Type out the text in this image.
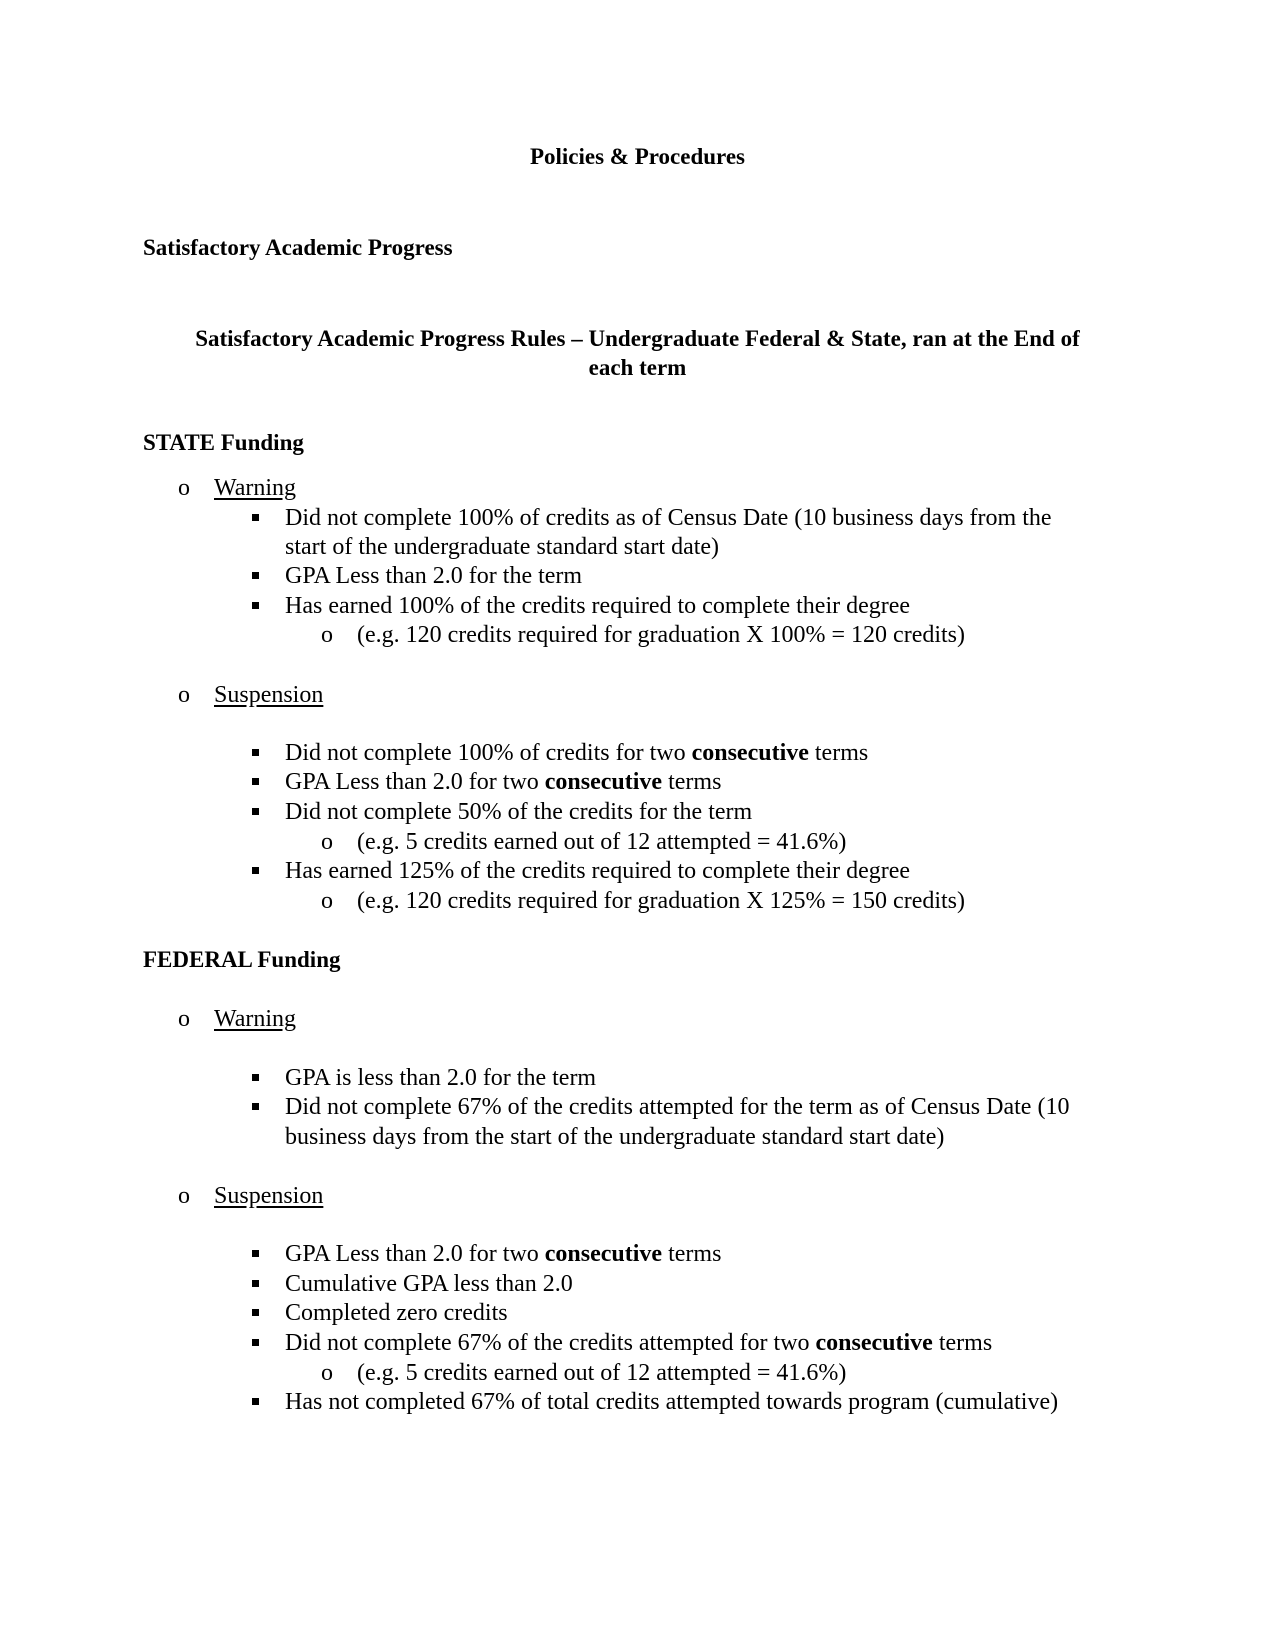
Policies & Procedures
Satisfactory Academic Progress
Satisfactory Academic Progress Rules – Undergraduate Federal & State, ran at the End of
each term
STATE Funding
o Warning
Did not complete 100% of credits as of Census Date (10 business days from the
start of the undergraduate standard start date)
GPA Less than 2.0 for the term
Has earned 100% of the credits required to complete their degree
o (e.g. 120 credits required for graduation X 100% = 120 credits)
o Suspension
Did not complete 100% of credits for two consecutive terms
GPA Less than 2.0 for two consecutive terms
Did not complete 50% of the credits for the term
o (e.g. 5 credits earned out of 12 attempted = 41.6%)
Has earned 125% of the credits required to complete their degree
o (e.g. 120 credits required for graduation X 125% = 150 credits)
FEDERAL Funding
o Warning
GPA is less than 2.0 for the term
Did not complete 67% of the credits attempted for the term as of Census Date (10
business days from the start of the undergraduate standard start date)
o Suspension
GPA Less than 2.0 for two consecutive terms
Cumulative GPA less than 2.0
Completed zero credits
Did not complete 67% of the credits attempted for two consecutive terms
o (e.g. 5 credits earned out of 12 attempted = 41.6%)
Has not completed 67% of total credits attempted towards program (cumulative)
